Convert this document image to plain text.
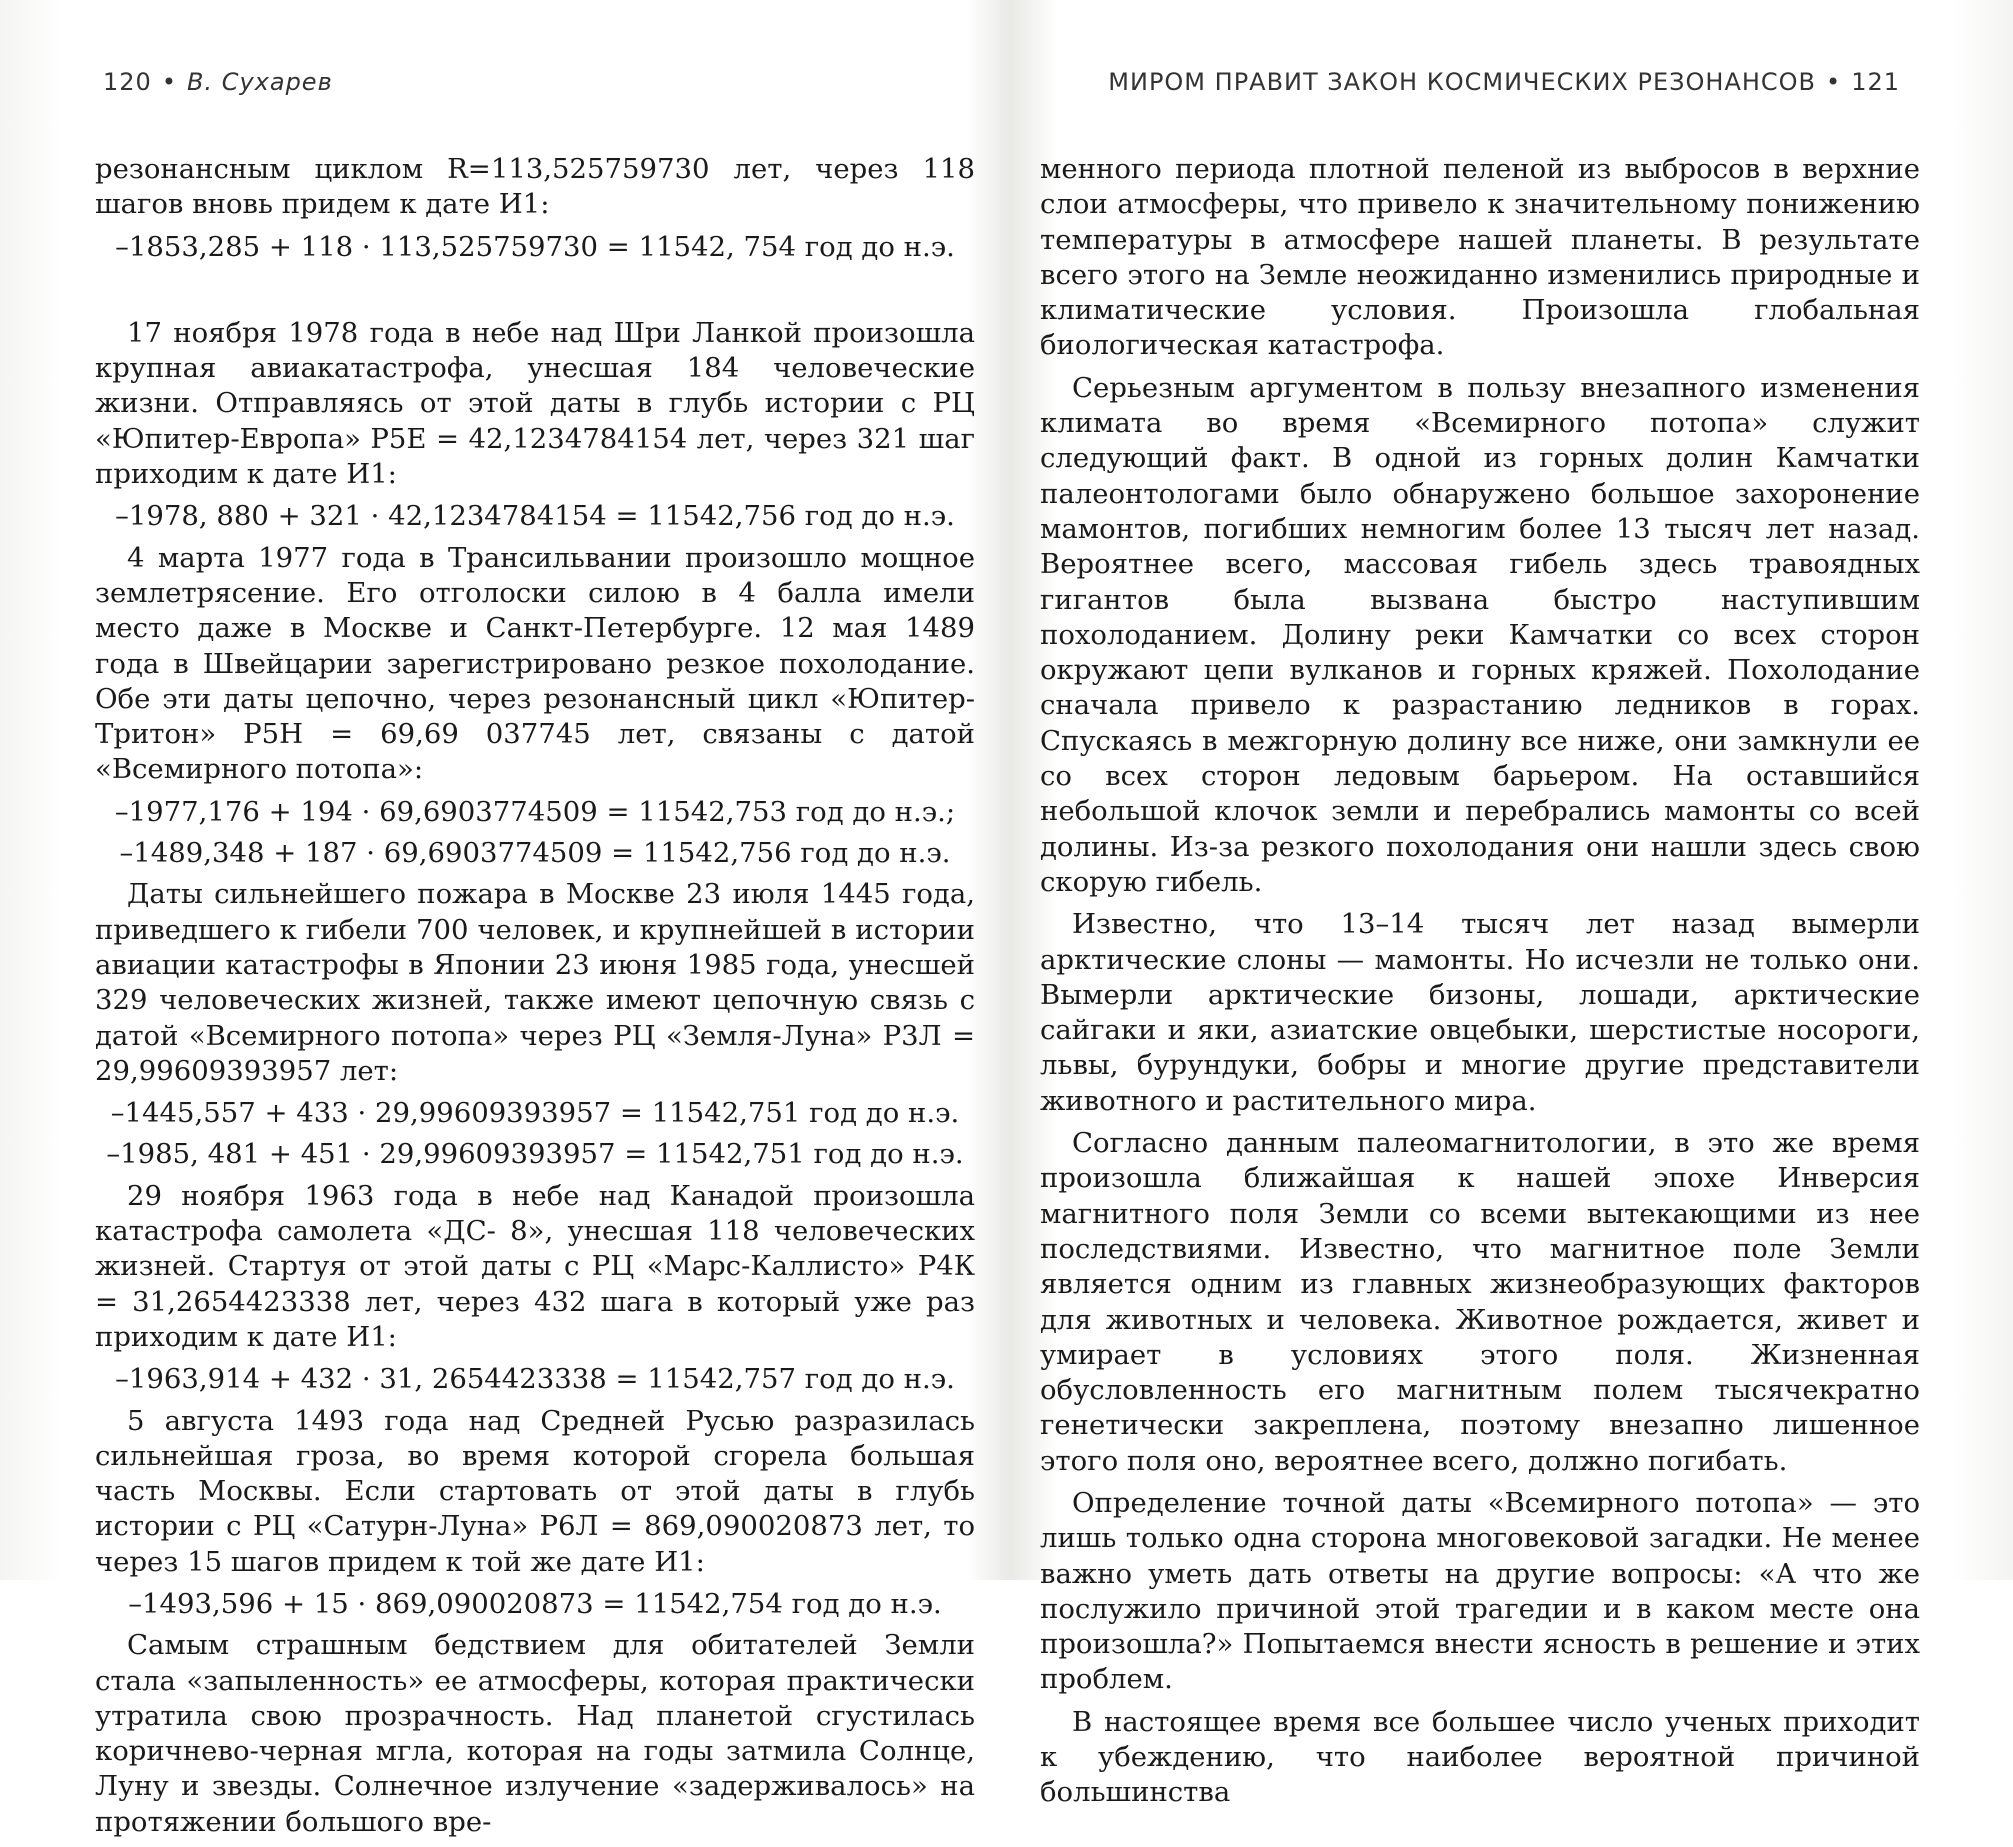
120 • В. Сухарев

резонансным циклом R=113,525759730 лет, через 118 шагов вновь придем к дате И1:

–1853,285 + 118 · 113,525759730 = 11542, 754 год до н.э.

17 ноября 1978 года в небе над Шри Ланкой произошла крупная авиакатастрофа, унесшая 184 человеческие жизни. Отправляясь от этой даты в глубь истории с РЦ «Юпитер-Европа» Р5Е = 42,1234784154 лет, через 321 шаг приходим к дате И1:

–1978, 880 + 321 · 42,1234784154 = 11542,756 год до н.э.

4 марта 1977 года в Трансильвании произошло мощное землетрясение. Его отголоски силою в 4 балла имели место даже в Москве и Санкт-Петербурге. 12 мая 1489 года в Швейцарии зарегистрировано резкое похолодание. Обе эти даты цепочно, через резонансный цикл «Юпитер-Тритон» Р5Н = 69,69 037745 лет, связаны с датой «Всемирного потопа»:

–1977,176 + 194 · 69,6903774509 = 11542,753 год до н.э.;
–1489,348 + 187 · 69,6903774509 = 11542,756 год до н.э.

Даты сильнейшего пожара в Москве 23 июля 1445 года, приведшего к гибели 700 человек, и крупнейшей в истории авиации катастрофы в Японии 23 июня 1985 года, унесшей 329 человеческих жизней, также имеют цепочную связь с датой «Всемирного потопа» через РЦ «Земля-Луна» Р3Л = 29,99609393957 лет:

–1445,557 + 433 · 29,99609393957 = 11542,751 год до н.э.
–1985, 481 + 451 · 29,99609393957 = 11542,751 год до н.э.

29 ноября 1963 года в небе над Канадой произошла катастрофа самолета «ДС- 8», унесшая 118 человеческих жизней. Стартуя от этой даты с РЦ «Марс-Каллисто» Р4К = 31,2654423338 лет, через 432 шага в который уже раз приходим к дате И1:

–1963,914 + 432 · 31, 2654423338 = 11542,757 год до н.э.

5 августа 1493 года над Средней Русью разразилась сильнейшая гроза, во время которой сгорела большая часть Москвы. Если стартовать от этой даты в глубь истории с РЦ «Сатурн-Луна» Р6Л = 869,090020873 лет, то через 15 шагов придем к той же дате И1:

–1493,596 + 15 · 869,090020873 = 11542,754 год до н.э.

Самым страшным бедствием для обитателей Земли стала «запыленность» ее атмосферы, которая практически утратила свою прозрачность. Над планетой сгустилась коричнево-черная мгла, которая на годы затмила Солнце, Луну и звезды. Солнечное излучение «задерживалось» на протяжении большого вре-

МИРОМ ПРАВИТ ЗАКОН КОСМИЧЕСКИХ РЕЗОНАНСОВ • 121

менного периода плотной пеленой из выбросов в верхние слои атмосферы, что привело к значительному понижению температуры в атмосфере нашей планеты. В результате всего этого на Земле неожиданно изменились природные и климатические условия. Произошла глобальная биологическая катастрофа.

Серьезным аргументом в пользу внезапного изменения климата во время «Всемирного потопа» служит следующий факт. В одной из горных долин Камчатки палеонтологами было обнаружено большое захоронение мамонтов, погибших немногим более 13 тысяч лет назад. Вероятнее всего, массовая гибель здесь травоядных гигантов была вызвана быстро наступившим похолоданием. Долину реки Камчатки со всех сторон окружают цепи вулканов и горных кряжей. Похолодание сначала привело к разрастанию ледников в горах. Спускаясь в межгорную долину все ниже, они замкнули ее со всех сторон ледовым барьером. На оставшийся небольшой клочок земли и перебрались мамонты со всей долины. Из-за резкого похолодания они нашли здесь свою скорую гибель.

Известно, что 13–14 тысяч лет назад вымерли арктические слоны — мамонты. Но исчезли не только они. Вымерли арктические бизоны, лошади, арктические сайгаки и яки, азиатские овцебыки, шерстистые носороги, львы, бурундуки, бобры и многие другие представители животного и растительного мира.

Согласно данным палеомагнитологии, в это же время произошла ближайшая к нашей эпохе Инверсия магнитного поля Земли со всеми вытекающими из нее последствиями. Известно, что магнитное поле Земли является одним из главных жизнеобразующих факторов для животных и человека. Животное рождается, живет и умирает в условиях этого поля. Жизненная обусловленность его магнитным полем тысячекратно генетически закреплена, поэтому внезапно лишенное этого поля оно, вероятнее всего, должно погибать.

Определение точной даты «Всемирного потопа» — это лишь только одна сторона многовековой загадки. Не менее важно уметь дать ответы на другие вопросы: «А что же послужило причиной этой трагедии и в каком месте она произошла?» Попытаемся внести ясность в решение и этих проблем.

В настоящее время все большее число ученых приходит к убеждению, что наиболее вероятной причиной большинства
